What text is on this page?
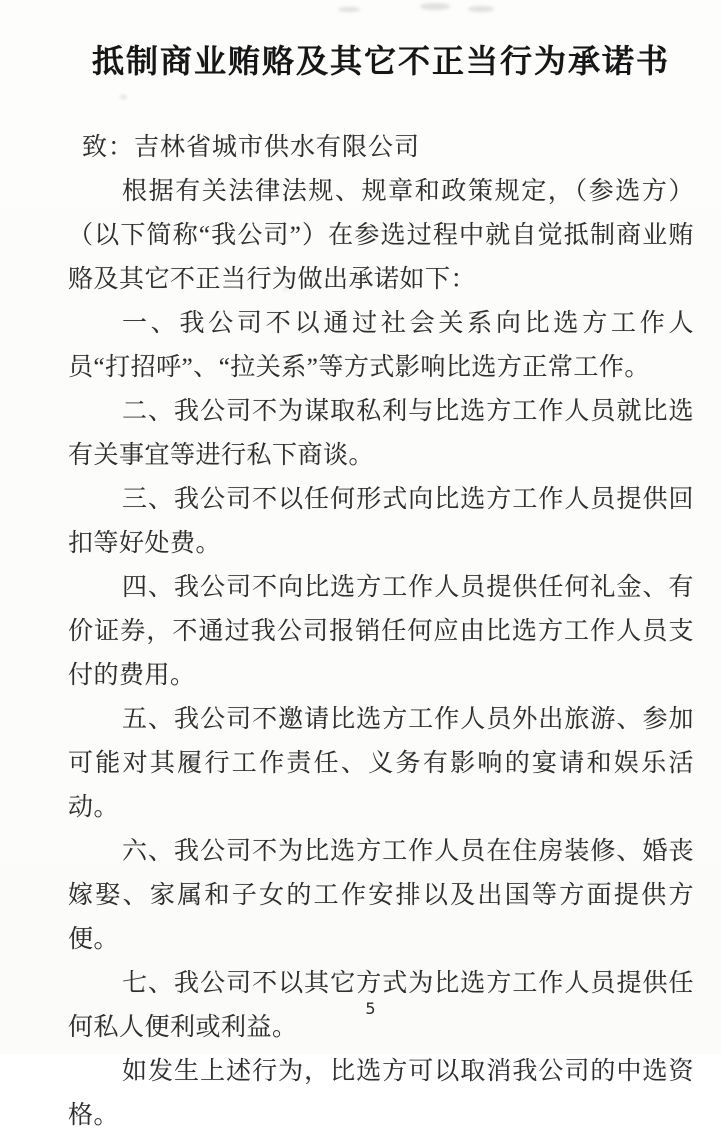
抵制商业贿赂及其它不正当行为承诺书

致：吉林省城市供水有限公司

根据有关法律法规、规章和政策规定，（参选方）（以下简称“我公司”）在参选过程中就自觉抵制商业贿赂及其它不正当行为做出承诺如下：

一、我公司不以通过社会关系向比选方工作人员“打招呼”、“拉关系”等方式影响比选方正常工作。

二、我公司不为谋取私利与比选方工作人员就比选有关事宜等进行私下商谈。

三、我公司不以任何形式向比选方工作人员提供回扣等好处费。

四、我公司不向比选方工作人员提供任何礼金、有价证券，不通过我公司报销任何应由比选方工作人员支付的费用。

五、我公司不邀请比选方工作人员外出旅游、参加可能对其履行工作责任、义务有影响的宴请和娱乐活动。

六、我公司不为比选方工作人员在住房装修、婚丧嫁娶、家属和子女的工作安排以及出国等方面提供方便。

七、我公司不以其它方式为比选方工作人员提供任何私人便利或利益。

如发生上述行为，比选方可以取消我公司的中选资格。

5
